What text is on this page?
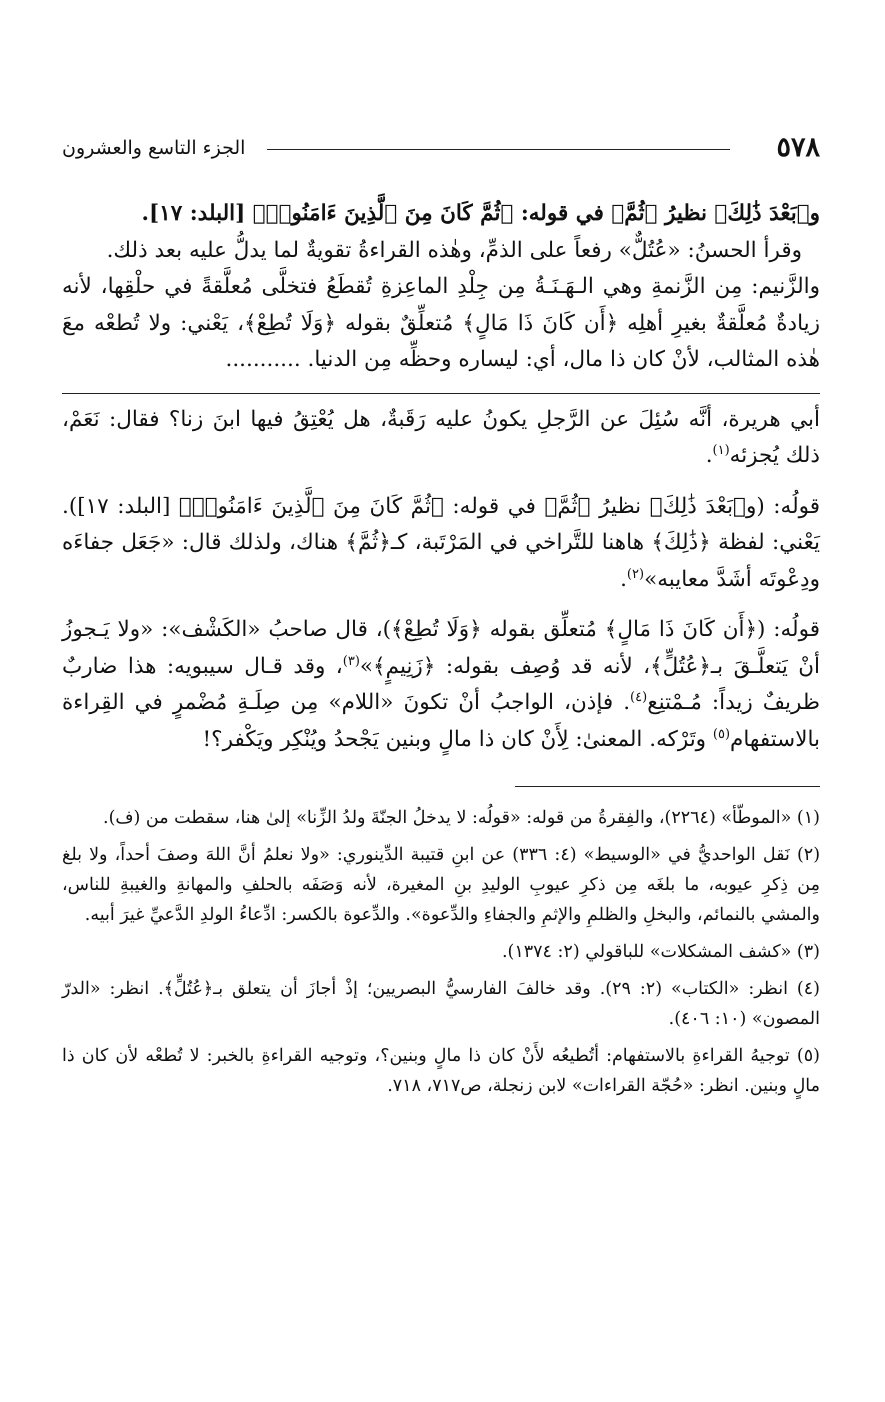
٥٧٨
الجزء التاسع والعشرون

و﴿بَعْدَ ذَٰلِكَ﴾ نظيرُ ﴿ثُمَّ﴾ في قوله: ﴿ثُمَّ كَانَ مِنَ ٱلَّذِينَ ءَامَنُوا۟﴾ [البلد: ١٧].

وقرأ الحسنُ: «عُتُلٌّ» رفعاً على الذمِّ، وهٰذه القراءةُ تقويةٌ لما يدلُّ عليه بعد ذلك.

والزَّنيم: مِن الزَّنمةِ وهي الـهَـنَـةُ مِن جِلْدِ الماعِزةِ تُقطَعُ فتخلَّى مُعلَّقةً في حلْقِها، لأنه زيادةٌ مُعلَّقةٌ بغيرِ أهلِه ﴿أَن كَانَ ذَا مَالٍ﴾ مُتعلِّقٌ بقوله ﴿وَلَا تُطِعْ﴾، يَعْني: ولا تُطعْه معَ هٰذه المثالب، لأنْ كان ذا مال، أي: ليساره وحظِّه مِن الدنيا. ...........

أبي هريرة، أنَّه سُئِلَ عن الرَّجلِ يكونُ عليه رَقَبةٌ، هل يُعْتِقُ فيها ابنَ زنا؟ فقال: نَعَمْ، ذلك يُجزئه$^{(١)}$.

قولُه: (و﴿بَعْدَ ذَٰلِكَ﴾ نظيرُ ﴿ثُمَّ﴾ في قوله: ﴿ثُمَّ كَانَ مِنَ ٱلَّذِينَ ءَامَنُوا۟﴾ [البلد: ١٧]). يَعْني: لفظة ﴿ذَٰلِكَ﴾ هاهنا للتَّراخي في المَرْتَبة، كـ﴿ثُمَّ﴾ هناك، ولذلك قال: «جَعَل جفاءَه ودِعْوتَه أشَدَّ معايبه»$^{(٢)}$.

قولُه: (﴿أَن كَانَ ذَا مَالٍ﴾ مُتعلِّق بقوله ﴿وَلَا تُطِعْ﴾)، قال صاحبُ «الكَشْف»: «ولا يَـجوزُ أنْ يَتعلَّـقَ بـ﴿عُتُلٍّ﴾، لأنه قد وُصِف بقوله: ﴿زَنِيمٍ﴾»$^{(٣)}$، وقد قـال سيبويه: هذا ضاربٌ ظريفٌ زيداً: مُـمْتنِع$^{(٤)}$. فإذن، الواجبُ أنْ تكونَ «اللام» مِن صِلَـةِ مُضْمرٍ في القِراءة بالاستفهام$^{(٥)}$ وتَرْكه. المعنىٰ: لِأَنْ كان ذا مالٍ وبنين يَجْحدُ ويُنْكِر ويَكْفر؟!

(١) «الموطّأ» (٢٢٦٤)، والفِقرةُ من قوله: «قولُه: لا يدخلُ الجنّةَ ولدُ الزِّنا» إلىٰ هنا، سقطت من (ف).

(٢) نَقل الواحديُّ في «الوسيط» (٤: ٣٣٦) عن ابنِ قتيبة الدِّينوري: «ولا نعلمُ أنَّ اللهَ وصفَ أحداً، ولا بلغ مِن ذِكرِ عيوبه، ما بلغَه مِن ذكرِ عيوبِ الوليدِ بنِ المغيرة، لأنه وَصَفَه بالحلفِ والمهانةِ والغيبةِ للناس، والمشي بالنمائم، والبخلِ والظلمِ والإثمِ والجفاءِ والدِّعوة». والدِّعوة بالكسر: ادِّعاءُ الولدِ الدَّعيِّ غيرَ أبيه.

(٣) «كشف المشكلات» للباقولي (٢: ١٣٧٤).

(٤) انظر: «الكتاب» (٢: ٢٩). وقد خالفَ الفارسيُّ البصريين؛ إذْ أجازَ أن يتعلق بـ﴿عُتُلٍّ﴾. انظر: «الدرّ المصون» (١٠: ٤٠٦).

(٥) توجيهُ القراءةِ بالاستفهام: أتُطيعُه لأَنْ كان ذا مالٍ وبنين؟، وتوجيه القراءةِ بالخبر: لا تُطعْه لأن كان ذا مالٍ وبنين. انظر: «حُجّة القراءات» لابن زنجلة، ص٧١٧، ٧١٨.
